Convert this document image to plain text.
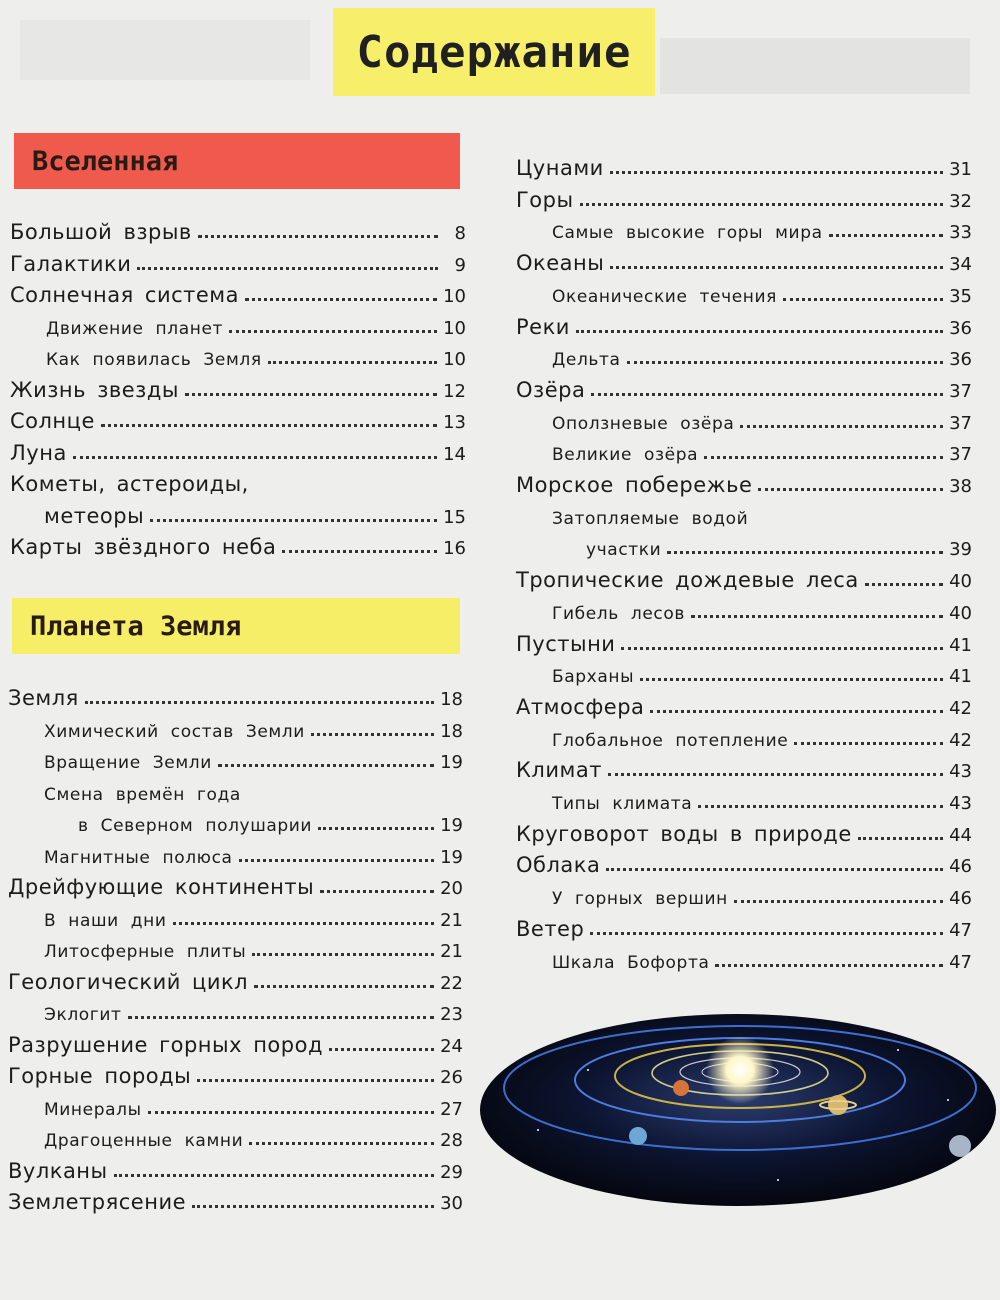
Содержание
Вселенная
Планета Земля
Большой взрыв	8
Галактики	9
Солнечная система	10
Движение планет	10
Как появилась Земля	10
Жизнь звезды	12
Солнце	13
Луна	14
Кометы, астероиды,
метеоры	15
Карты звёздного неба	16
Земля	18
Химический состав Земли	18
Вращение Земли	19
Смена времён года
в Северном полушарии	19
Магнитные полюса	19
Дрейфующие континенты	20
В наши дни	21
Литосферные плиты	21
Геологический цикл	22
Эклогит	23
Разрушение горных пород	24
Горные породы	26
Минералы	27
Драгоценные камни	28
Вулканы	29
Землетрясение	30
Цунами	31
Горы	32
Самые высокие горы мира	33
Океаны	34
Океанические течения	35
Реки	36
Дельта	36
Озёра	37
Оползневые озёра	37
Великие озёра	37
Морское побережье	38
Затопляемые водой
участки	39
Тропические дождевые леса	40
Гибель лесов	40
Пустыни	41
Барханы	41
Атмосфера	42
Глобальное потепление	42
Климат	43
Типы климата	43
Круговорот воды в природе	44
Облака	46
У горных вершин	46
Ветер	47
Шкала Бофорта	47
